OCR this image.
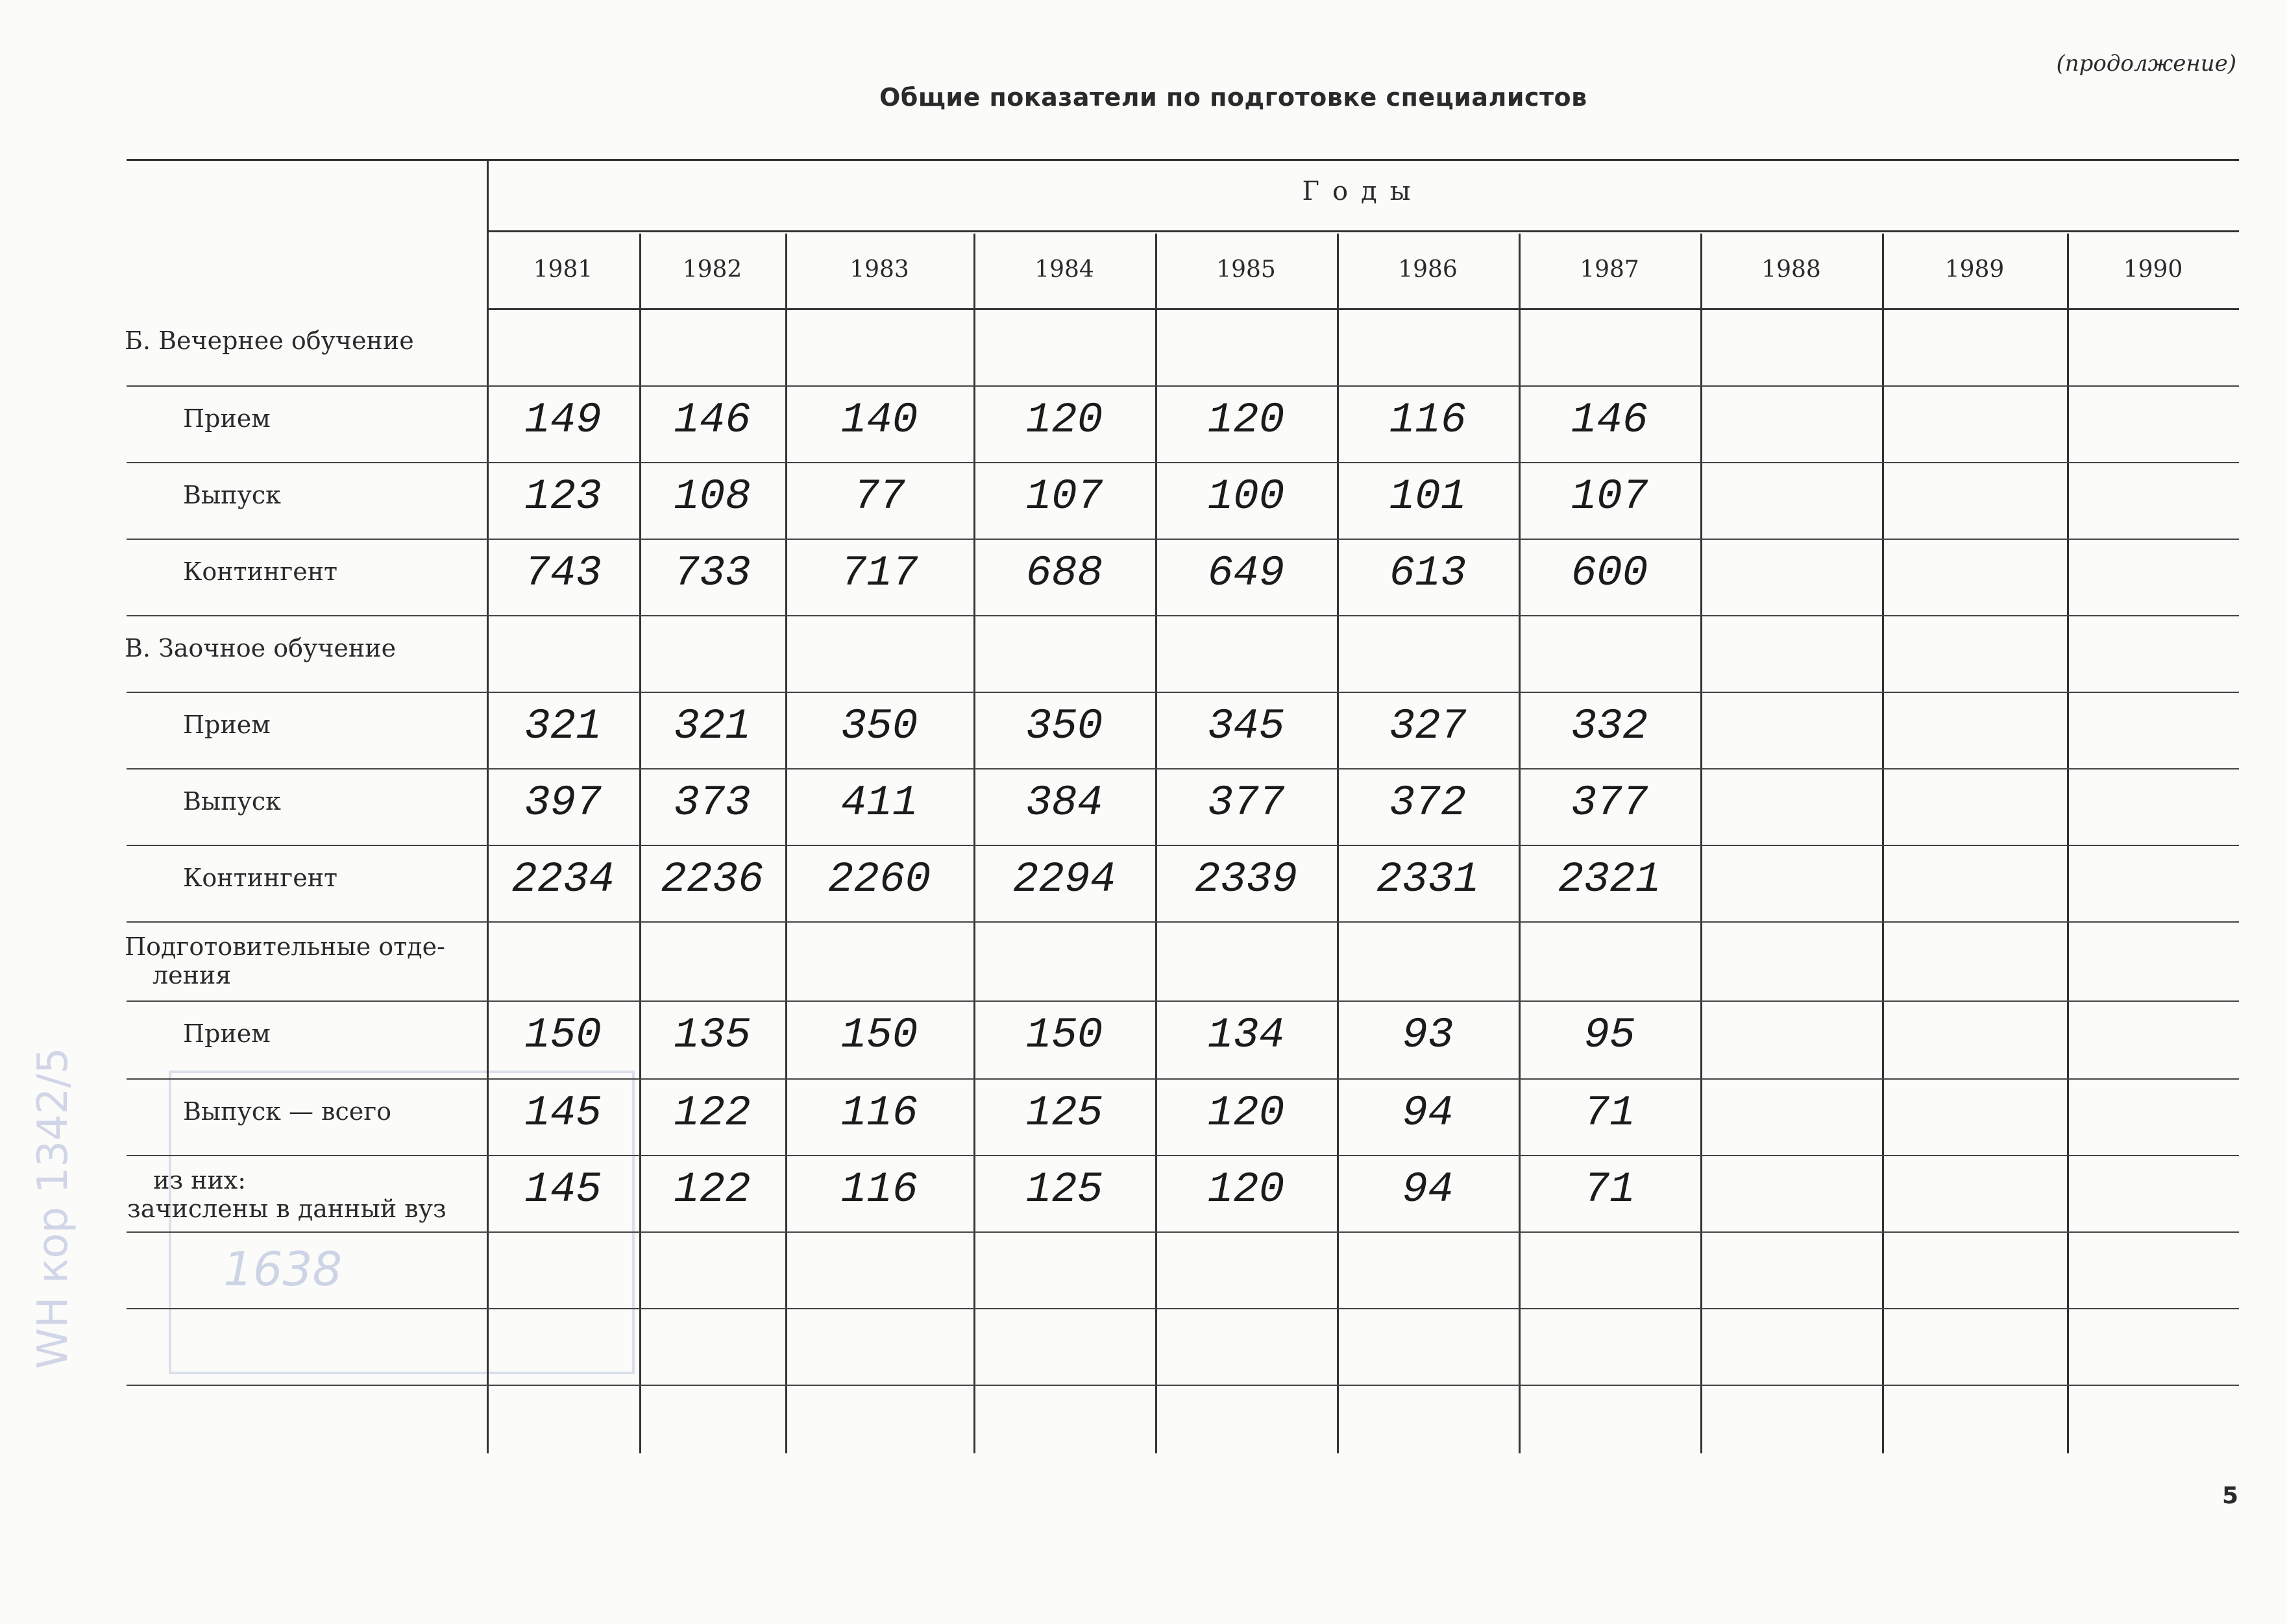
(продолжение)
Общие показатели по подготовке специалистов
5
1638
WH кор 1342/5
Годы
1981	1982	1983	1984	1985	1986	1987	1988	1989	1990
Б. Вечернее обучение
Прием	149	146	140	120	120	116	146
Выпуск	123	108	77	107	100	101	107
Контингент	743	733	717	688	649	613	600
В. Заочное обучение
Прием	321	321	350	350	345	327	332
Выпуск	397	373	411	384	377	372	377
Контингент	2234	2236	2260	2294	2339	2331	2321
Подготовительные отде-
ления
Прием	150	135	150	150	134	93	95
Выпуск — всего	145	122	116	125	120	94	71
из них:
зачислены в данный вуз	145	122	116	125	120	94	71
